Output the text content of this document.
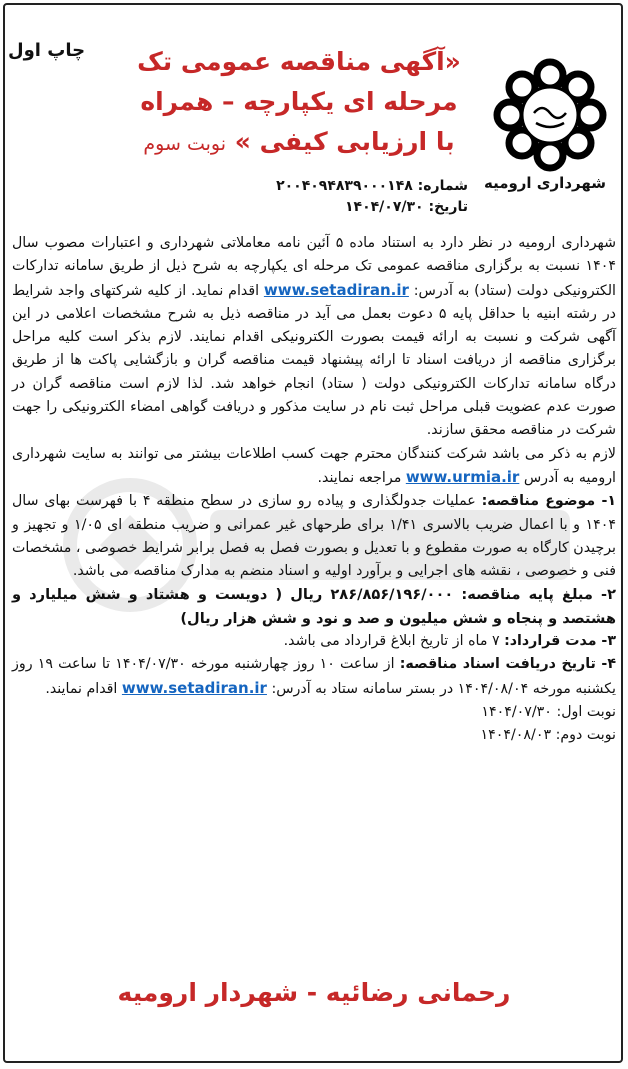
چاپ اول	«آگهی مناقصه عمومی تک
مرحله ای یکپارچه – همراه
با ارزیابی کیفی » نوبت سوم
شهرداری ارومیه
شماره: ۲۰۰۴۰۹۴۸۳۹۰۰۰۱۴۸
تاریخ: ۱۴۰۴/۰۷/۳۰

شهرداری ارومیه در نظر دارد به استناد ماده ۵ آئین نامه معاملاتی شهرداری و اعتبارات مصوب سال ۱۴۰۴ نسبت به برگزاری مناقصه عمومی تک مرحله ای یکپارچه به شرح ذیل از طریق سامانه تدارکات الکترونیکی دولت (ستاد) به آدرس: www.setadiran.ir اقدام نماید. از کلیه شرکتهای واجد شرایط در رشته ابنیه با حداقل پایه ۵ دعوت بعمل می آید در مناقصه ذیل به شرح مشخصات اعلامی در این آگهی شرکت و نسبت به ارائه قیمت بصورت الکترونیکی اقدام نمایند. لازم بذکر است کلیه مراحل برگزاری مناقصه از دریافت اسناد تا ارائه پیشنهاد قیمت مناقصه گران و بازگشایی پاکت ها از طریق درگاه سامانه تدارکات الکترونیکی دولت ( ستاد) انجام خواهد شد. لذا لازم است مناقصه گران در صورت عدم عضویت قبلی مراحل ثبت نام در سایت مذکور و دریافت گواهی امضاء الکترونیکی را جهت شرکت در مناقصه محقق سازند.

لازم به ذکر می باشد شرکت کنندگان محترم جهت کسب اطلاعات بیشتر می توانند به سایت شهرداری ارومیه به آدرس www.urmia.ir مراجعه نمایند.

۱- موضوع مناقصه: عملیات جدولگذاری و پیاده رو سازی در سطح منطقه ۴ با فهرست بهای سال ۱۴۰۴ و با اعمال ضریب بالاسری ۱/۴۱ برای طرحهای غیر عمرانی و ضریب منطقه ای ۱/۰۵ و تجهیز و برچیدن کارگاه به صورت مقطوع و با تعدیل و بصورت فصل به فصل برابر شرایط خصوصی ، مشخصات فنی و خصوصی ، نقشه های اجرایی و برآورد اولیه و اسناد منضم به مدارک مناقصه می باشد.

۲- مبلغ پایه مناقصه: ۲۸۶/۸۵۶/۱۹۶/۰۰۰ ریال ( دویست و هشتاد و شش میلیارد و هشتصد و پنجاه و شش میلیون و صد و نود و شش هزار ریال)

۳- مدت قرارداد: ۷ ماه از تاریخ ابلاغ قرارداد می باشد.

۴- تاریخ دریافت اسناد مناقصه: از ساعت ۱۰ روز چهارشنبه مورخه ۱۴۰۴/۰۷/۳۰ تا ساعت ۱۹ روز یکشنبه مورخه ۱۴۰۴/۰۸/۰۴ در بستر سامانه ستاد به آدرس: www.setadiran.ir اقدام نمایند.

نوبت اول: ۱۴۰۴/۰۷/۳۰

نوبت دوم: ۱۴۰۴/۰۸/۰۳

رحمانی رضائیه - شهردار ارومیه
